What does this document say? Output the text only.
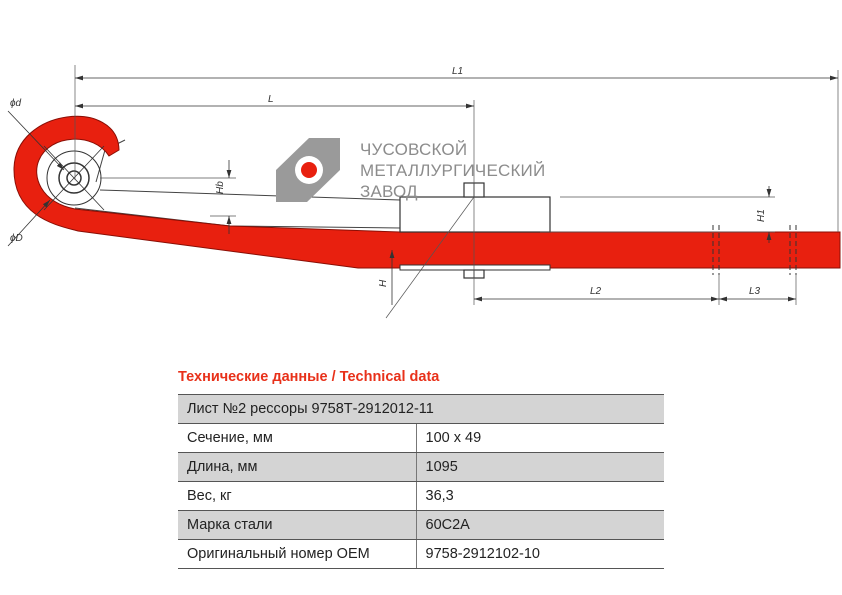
L1
L
L2	L3
Hb
H1
H
ϕd
ϕD
ЧУСОВСКОЙ
МЕТАЛЛУРГИЧЕСКИЙ
ЗАВОД
Технические данные / Technical data
Лист №2 рессоры 9758Т-2912012-11	
Сечение, мм	100 x 49
Длина, мм	1095
Вес, кг	36,3
Марка стали	60С2А
Оригинальный номер OEM	9758-2912102-10
